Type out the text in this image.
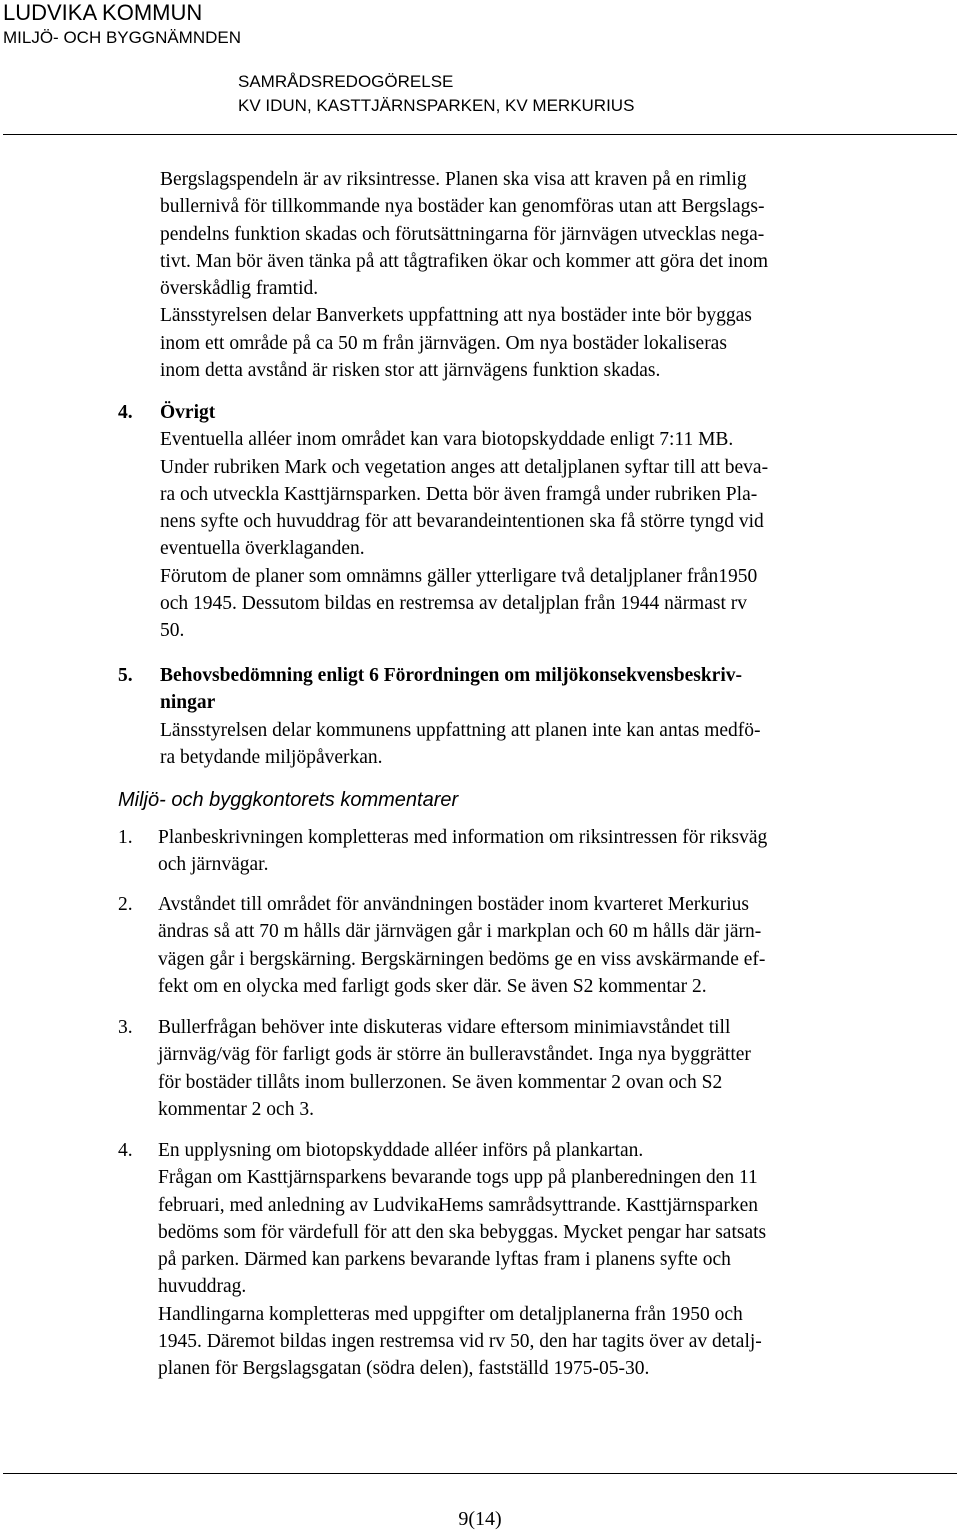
LUDVIKA KOMMUN
MILJÖ- OCH BYGGNÄMNDEN
SAMRÅDSREDOGÖRELSE
KV IDUN, KASTTJÄRNSPARKEN, KV MERKURIUS

Bergslagspendeln är av riksintresse. Planen ska visa att kraven på en rimlig

bullernivå för tillkommande nya bostäder kan genomföras utan att Bergslags-

pendelns funktion skadas och förutsättningarna för järnvägen utvecklas nega-

tivt. Man bör även tänka på att tågtrafiken ökar och kommer att göra det inom

överskådlig framtid.

Länsstyrelsen delar Banverkets uppfattning att nya bostäder inte bör byggas

inom ett område på ca 50 m från järnvägen. Om nya bostäder lokaliseras

inom detta avstånd är risken stor att järnvägens funktion skadas.

4. Övrigt

Eventuella alléer inom området kan vara biotopskyddade enligt 7:11 MB.

Under rubriken Mark och vegetation anges att detaljplanen syftar till att beva-

ra och utveckla Kasttjärnsparken. Detta bör även framgå under rubriken Pla-

nens syfte och huvuddrag för att bevarandeintentionen ska få större tyngd vid

eventuella överklaganden.

Förutom de planer som omnämns gäller ytterligare två detaljplaner från1950

och 1945. Dessutom bildas en restremsa av detaljplan från 1944 närmast rv

50.

5. Behovsbedömning enligt 6 Förordningen om miljökonsekvensbeskriv-

ningar

Länsstyrelsen delar kommunens uppfattning att planen inte kan antas medfö-

ra betydande miljöpåverkan.

Miljö- och byggkontorets kommentarer
1. Planbeskrivningen kompletteras med information om riksintressen för riksväg

och järnvägar.

2. Avståndet till området för användningen bostäder inom kvarteret Merkurius

ändras så att 70 m hålls där järnvägen går i markplan och 60 m hålls där järn-

vägen går i bergskärning. Bergskärningen bedöms ge en viss avskärmande ef-

fekt om en olycka med farligt gods sker där. Se även S2 kommentar 2.

3. Bullerfrågan behöver inte diskuteras vidare eftersom minimiavståndet till

järnväg/väg för farligt gods är större än bulleravståndet. Inga nya byggrätter

för bostäder tillåts inom bullerzonen. Se även kommentar 2 ovan och S2

kommentar 2 och 3.

4. En upplysning om biotopskyddade alléer införs på plankartan.

Frågan om Kasttjärnsparkens bevarande togs upp på planberedningen den 11

februari, med anledning av LudvikaHems samrådsyttrande. Kasttjärnsparken

bedöms som för värdefull för att den ska bebyggas. Mycket pengar har satsats

på parken. Därmed kan parkens bevarande lyftas fram i planens syfte och

huvuddrag.

Handlingarna kompletteras med uppgifter om detaljplanerna från 1950 och

1945. Däremot bildas ingen restremsa vid rv 50, den har tagits över av detalj-

planen för Bergslagsgatan (södra delen), fastställd 1975-05-30.

9(14)
